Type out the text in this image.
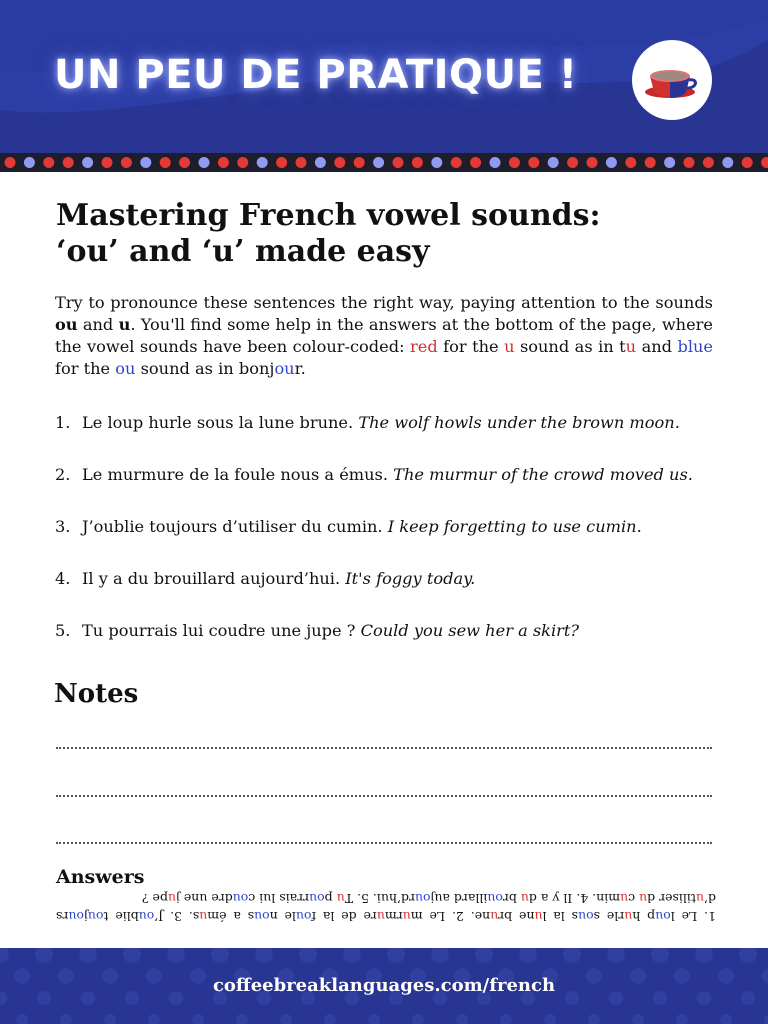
UN PEU DE PRATIQUE !
Mastering French vowel sounds:
‘ou’ and ‘u’ made easy

Try to pronounce these sentences the right way, paying attention to the sounds ou and u. You'll find some help in the answers at the bottom of the page, where the vowel sounds have been colour-coded: red for the u sound as in tu and blue for the ou sound as in bonjour.

1. Le loup hurle sous la lune brune. The wolf howls under the brown moon.
2. Le murmure de la foule nous a émus. The murmur of the crowd moved us.
3. J’oublie toujours d’utiliser du cumin. I keep forgetting to use cumin.
4. Il y a du brouillard aujourd’hui. It's foggy today.
5. Tu pourrais lui coudre une jupe ? Could you sew her a skirt?
Notes
Answers
1. Le loup hurle sous la lune brune. 2. Le murmure de la foule nous a émus. 3. J’oublie toujours d’utiliser du cumin. 4. Il y a du brouillard aujourd’hui. 5. Tu pourrais lui coudre une jupe ?
coffeebreaklanguages.com/french
